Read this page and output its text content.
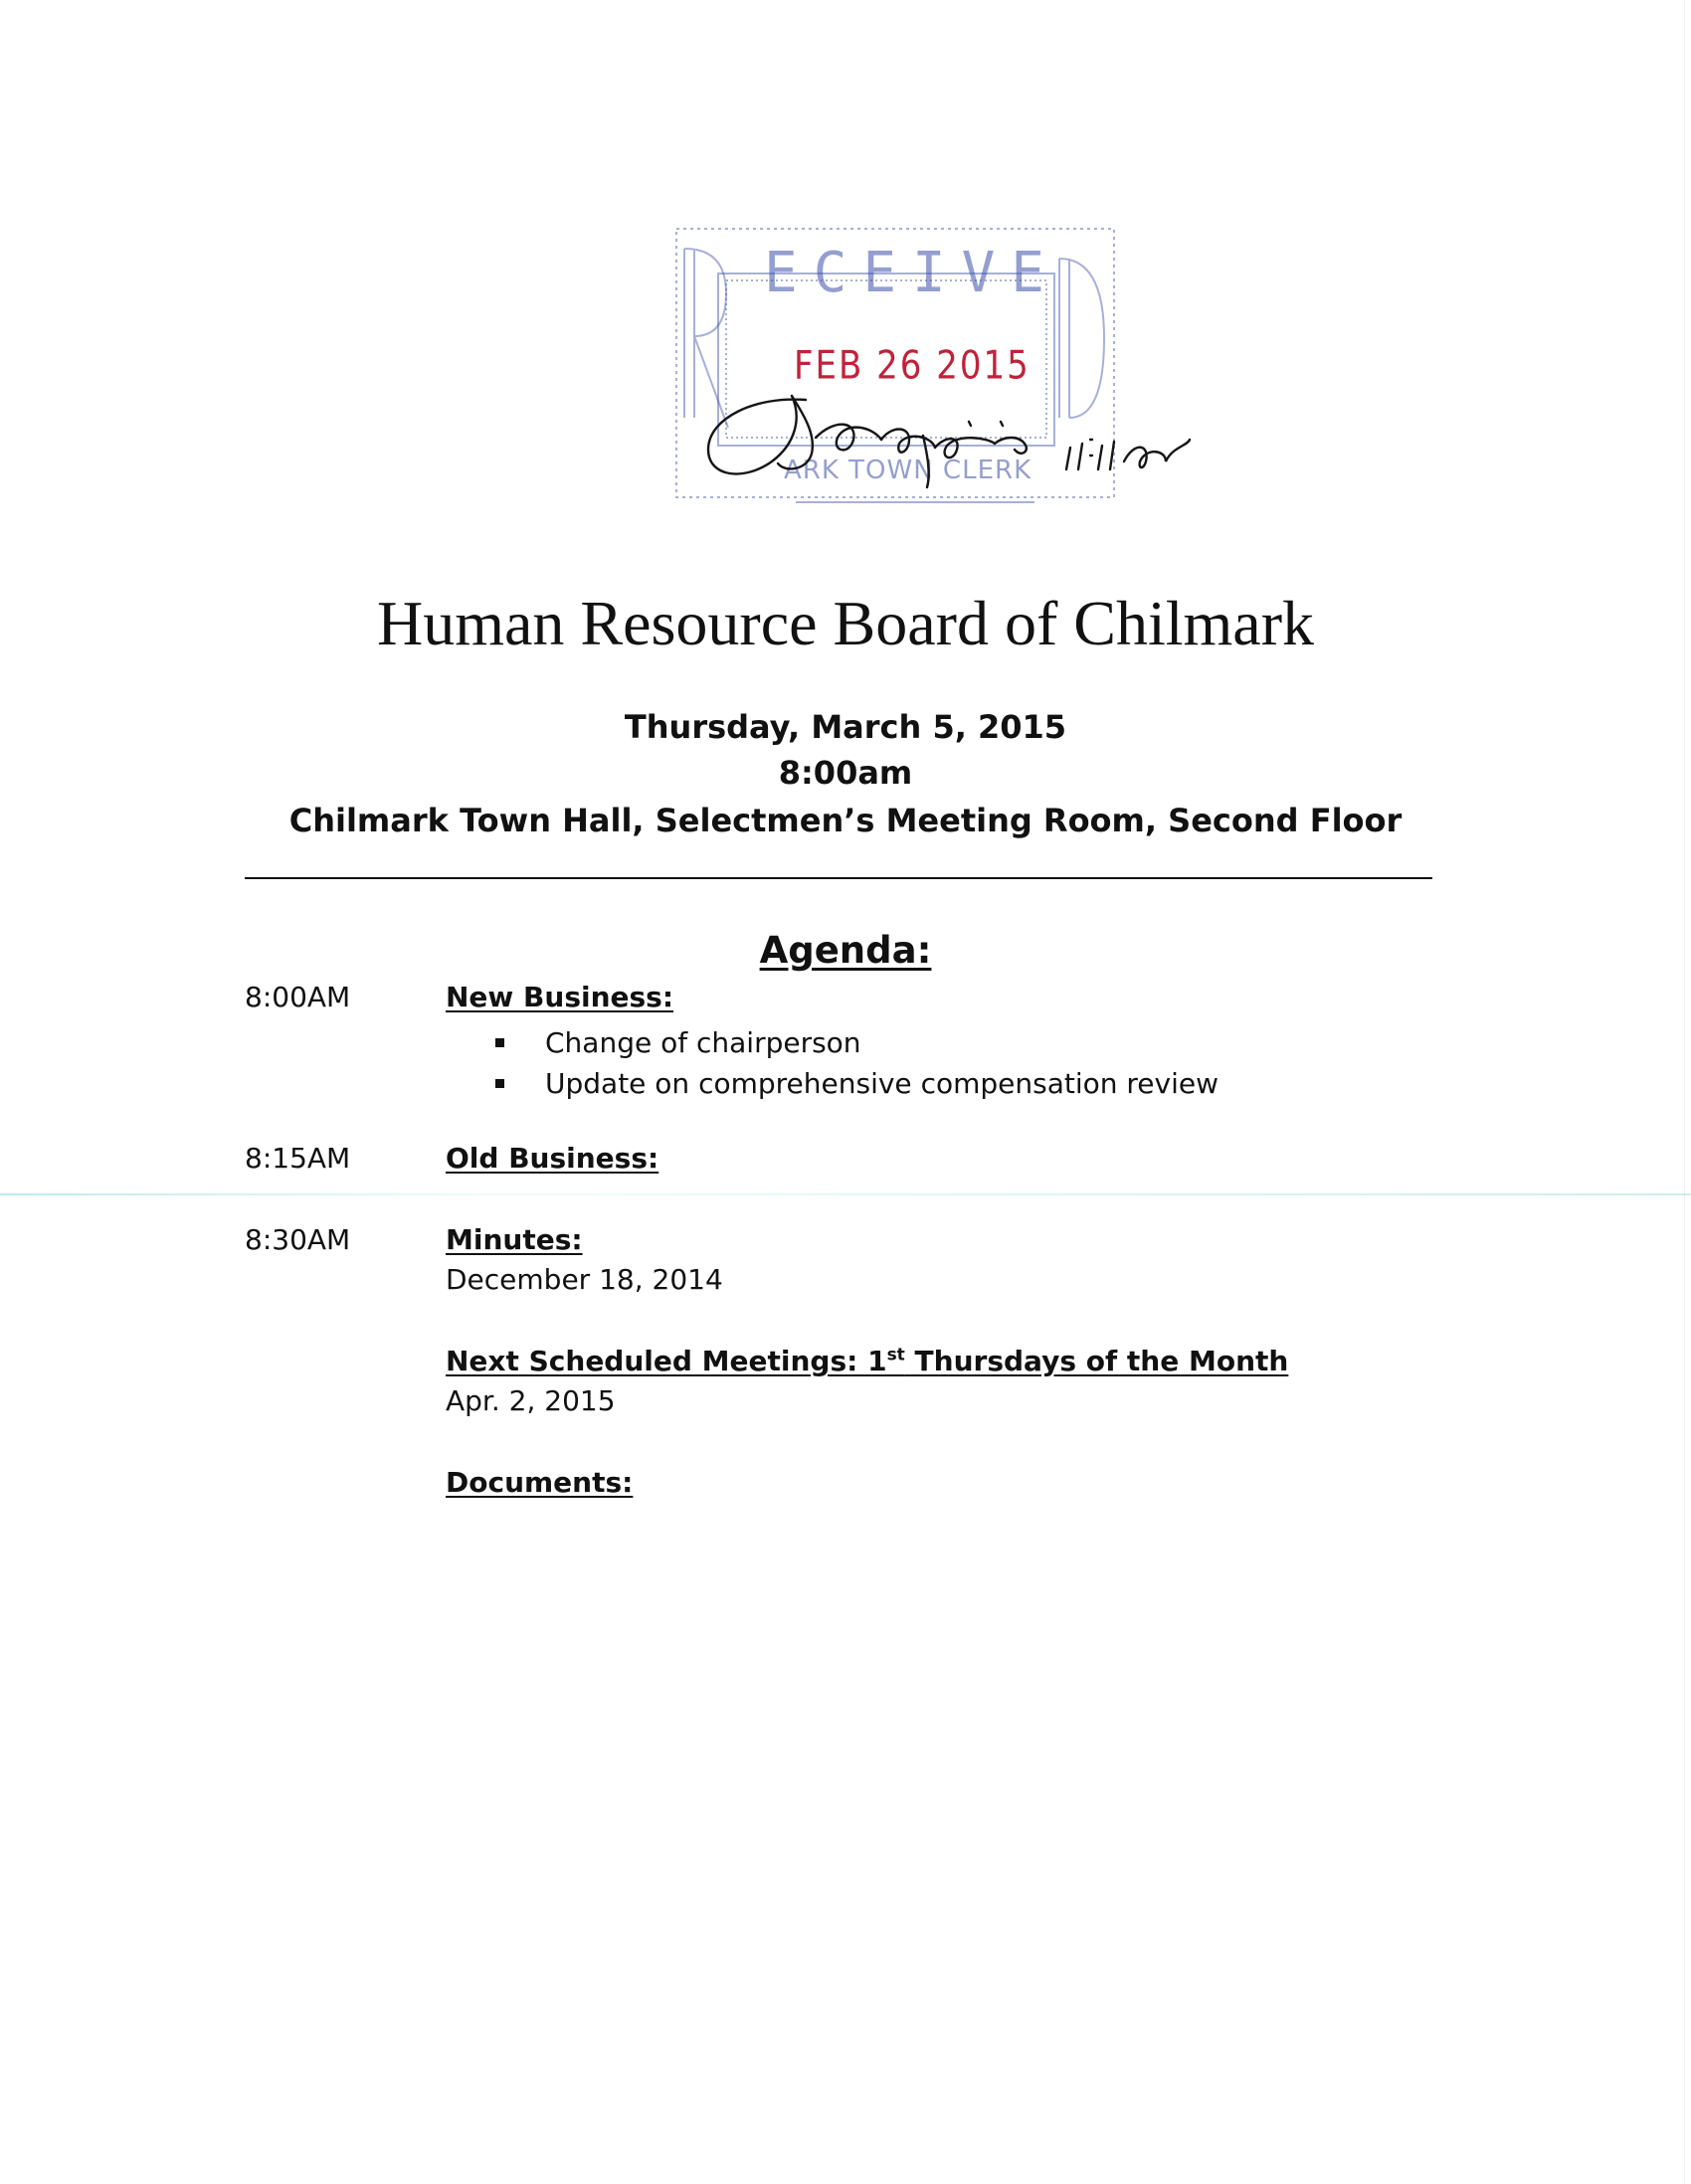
E C E I V E
FEB 26 2015
ARK TOWN CLERK
Human Resource Board of Chilmark
Thursday, March 5, 2015
8:00am
Chilmark Town Hall, Selectmen’s Meeting Room, Second Floor
Agenda:
8:00AM	New Business:
Change of chairperson
Update on comprehensive compensation review
8:15AM	Old Business:
8:30AM	Minutes:
December 18, 2014
Next Scheduled Meetings: 1st Thursdays of the Month
Apr. 2, 2015
Documents:
